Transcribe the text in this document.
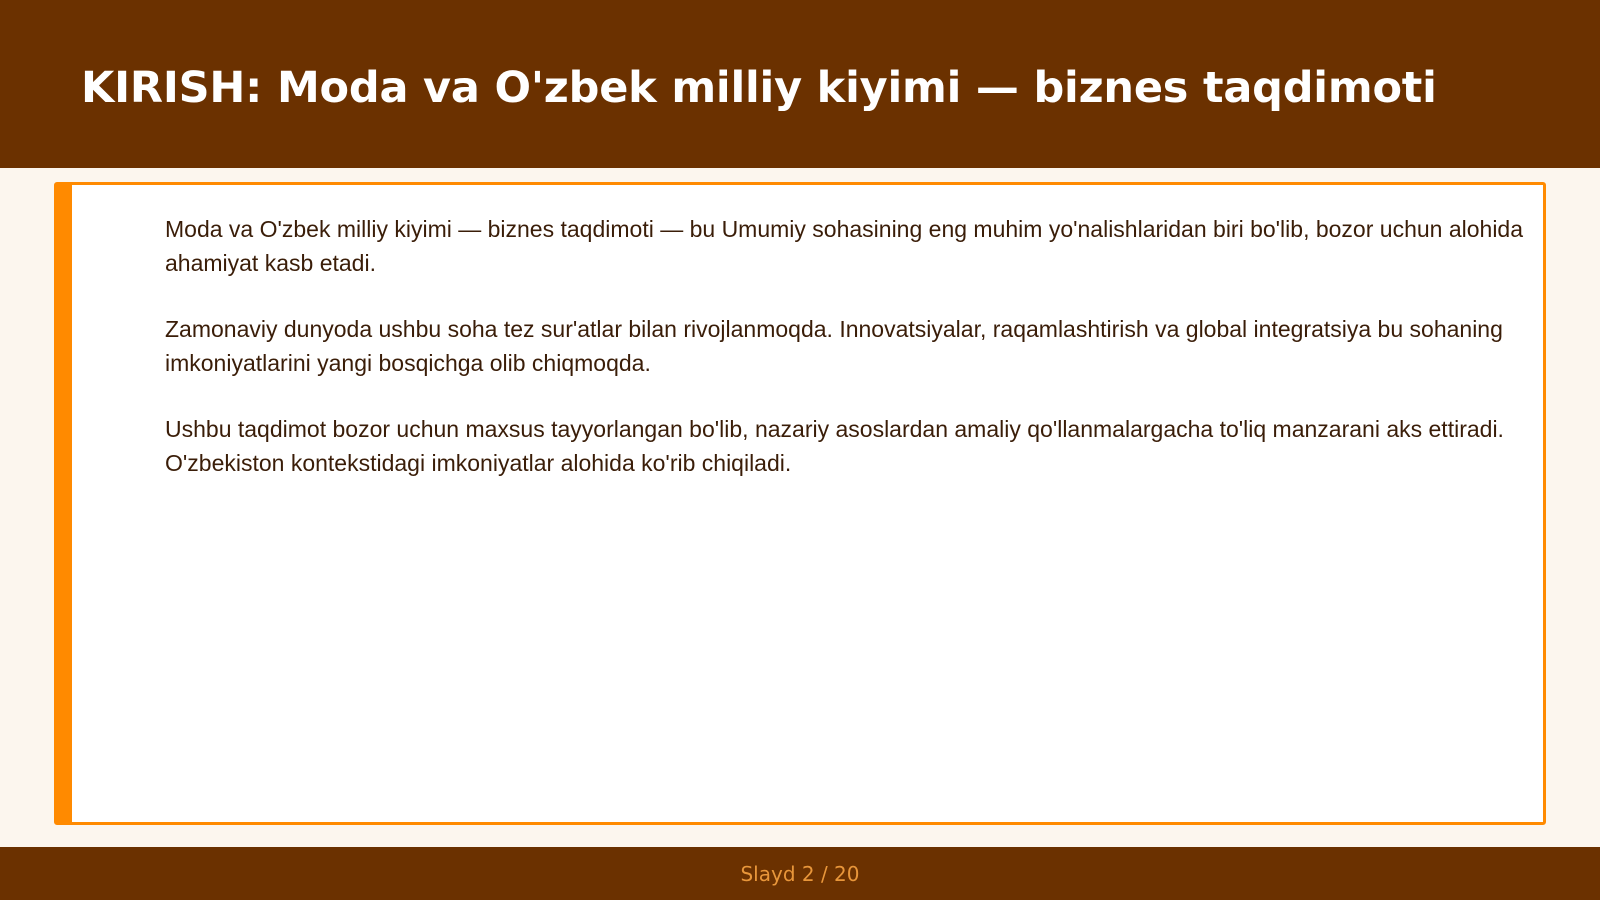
KIRISH: Moda va O'zbek milliy kiyimi — biznes taqdimoti

Moda va O'zbek milliy kiyimi — biznes taqdimoti — bu Umumiy sohasining eng muhim yo'nalishlaridan biri bo'lib, bozor uchun alohida ahamiyat kasb etadi.

Zamonaviy dunyoda ushbu soha tez sur'atlar bilan rivojlanmoqda. Innovatsiyalar, raqamlashtirish va global integratsiya bu sohaning imkoniyatlarini yangi bosqichga olib chiqmoqda.

Ushbu taqdimot bozor uchun maxsus tayyorlangan bo'lib, nazariy asoslardan amaliy qo'llanmalargacha to'liq manzarani aks ettiradi. O'zbekiston kontekstidagi imkoniyatlar alohida ko'rib chiqiladi.

Slayd 2 / 20
